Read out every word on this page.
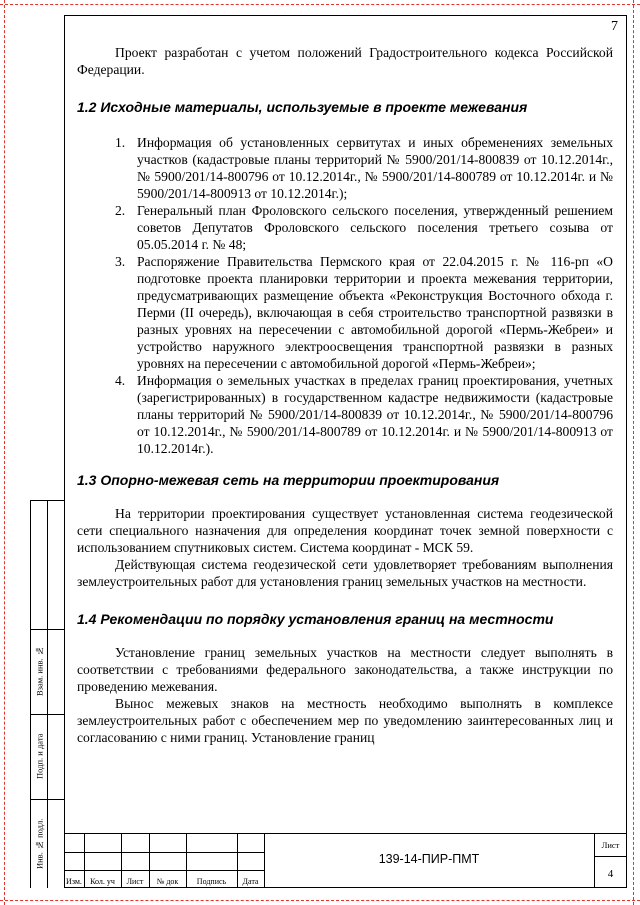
7

Проект разработан с учетом положений Градостроительного кодекса Российской Федерации.

1.2 Исходные материалы, используемые в проекте межевания
1. Информация об установленных сервитутах и иных обременениях земельных участков (кадастровые планы территорий № 5900/201/14-800839 от 10.12.2014г., № 5900/201/14-800796 от 10.12.2014г., № 5900/201/14-800789 от 10.12.2014г. и № 5900/201/14-800913 от 10.12.2014г.);
2. Генеральный план Фроловского сельского поселения, утвержденный решением советов Депутатов Фроловского сельского поселения третьего созыва от 05.05.2014 г. № 48;
3. Распоряжение Правительства Пермского края от 22.04.2015 г. № 116-рп «О подготовке проекта планировки территории и проекта межевания территории, предусматривающих размещение объекта «Реконструкция Восточного обхода г. Перми (II очередь), включающая в себя строительство транспортной развязки в разных уровнях на пересечении с автомобильной дорогой «Пермь-Жебреи» и устройство наружного электроосвещения транспортной развязки в разных уровнях на пересечении с автомобильной дорогой «Пермь-Жебреи»;
4. Информация о земельных участках в пределах границ проектирования, учетных (зарегистрированных) в государственном кадастре недвижимости (кадастровые планы территорий № 5900/201/14-800839 от 10.12.2014г., № 5900/201/14-800796 от 10.12.2014г., № 5900/201/14-800789 от 10.12.2014г. и № 5900/201/14-800913 от 10.12.2014г.).
1.3 Опорно-межевая сеть на территории проектирования

На территории проектирования существует установленная система геодезической сети специального назначения для определения координат точек земной поверхности с использованием спутниковых систем. Система координат - МСК 59.

Действующая система геодезической сети удовлетворяет требованиям выполнения землеустроительных работ для установления границ земельных участков на местности.

1.4 Рекомендации по порядку установления границ на местности

Установление границ земельных участков на местности следует выполнять в соответствии с требованиями федерального законодательства, а также инструкции по проведению межевания.

Вынос межевых знаков на местность необходимо выполнять в комплексе землеустроительных работ с обеспечением мер по уведомлению заинтересованных лиц и согласованию с ними границ. Установление границ

Взам. инв. №
Подп. и дата
Инв. № подл.
Изм.	Кол. уч	Лист	№ док	Подпись	Дата
139-14-ПИР-ПМТ
Лист
4
